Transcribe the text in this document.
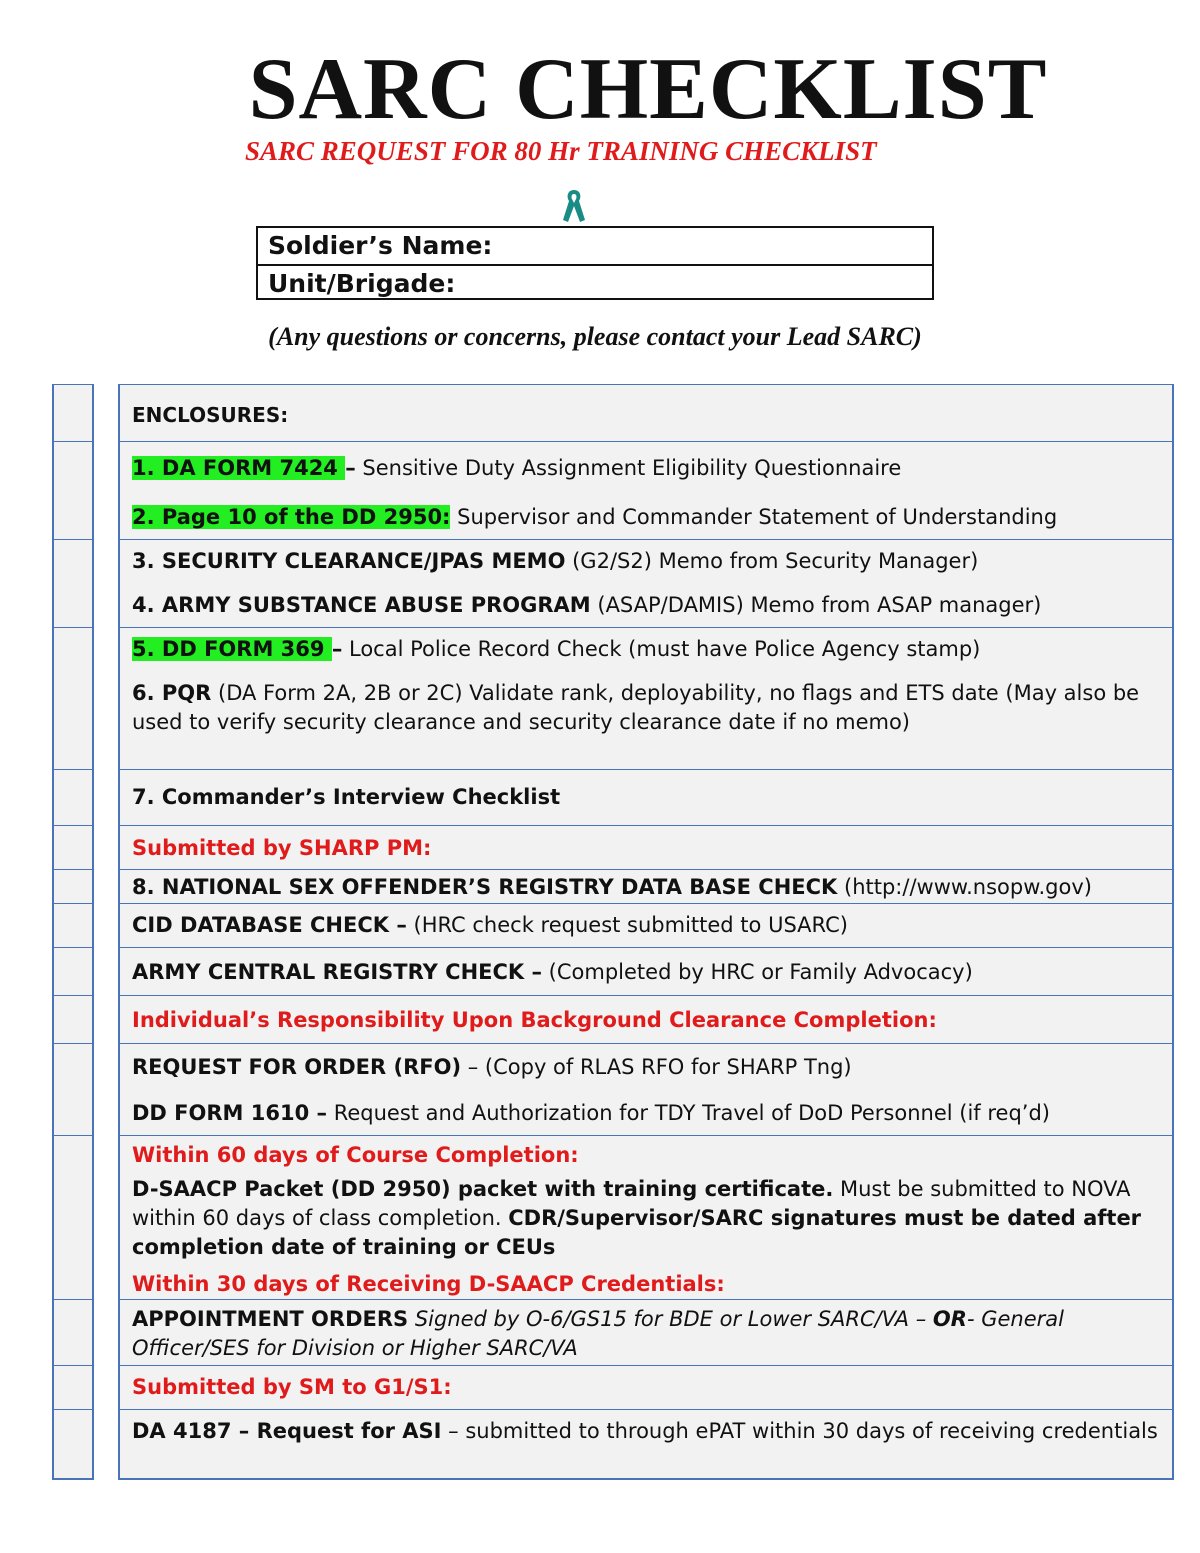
SARC CHECKLIST
SARC REQUEST FOR 80 Hr TRAINING CHECKLIST
Soldier’s Name:
Unit/Brigade:
(Any questions or concerns, please contact your Lead SARC)
ENCLOSURES:
1. DA FORM 7424 – Sensitive Duty Assignment Eligibility Questionnaire
2. Page 10 of the DD 2950: Supervisor and Commander Statement of Understanding
3. SECURITY CLEARANCE/JPAS MEMO (G2/S2) Memo from Security Manager)
4. ARMY SUBSTANCE ABUSE PROGRAM (ASAP/DAMIS) Memo from ASAP manager)
5. DD FORM 369 – Local Police Record Check (must have Police Agency stamp)
6. PQR (DA Form 2A, 2B or 2C) Validate rank, deployability, no flags and ETS date (May also be used to verify security clearance and security clearance date if no memo)
7. Commander’s Interview Checklist
Submitted by SHARP PM:
8. NATIONAL SEX OFFENDER’S REGISTRY DATA BASE CHECK (http://www.nsopw.gov)
CID DATABASE CHECK – (HRC check request submitted to USARC)
ARMY CENTRAL REGISTRY CHECK – (Completed by HRC or Family Advocacy)
Individual’s Responsibility Upon Background Clearance Completion:
REQUEST FOR ORDER (RFO) – (Copy of RLAS RFO for SHARP Tng)
DD FORM 1610 – Request and Authorization for TDY Travel of DoD Personnel (if req’d)
Within 60 days of Course Completion:
D-SAACP Packet (DD 2950) packet with training certificate. Must be submitted to NOVA within 60 days of class completion. CDR/Supervisor/SARC signatures must be dated after completion date of training or CEUs
Within 30 days of Receiving D-SAACP Credentials:
APPOINTMENT ORDERS Signed by O-6/GS15 for BDE or Lower SARC/VA – OR- General Officer/SES for Division or Higher SARC/VA
Submitted by SM to G1/S1:
DA 4187 – Request for ASI – submitted to through ePAT within 30 days of receiving credentials
